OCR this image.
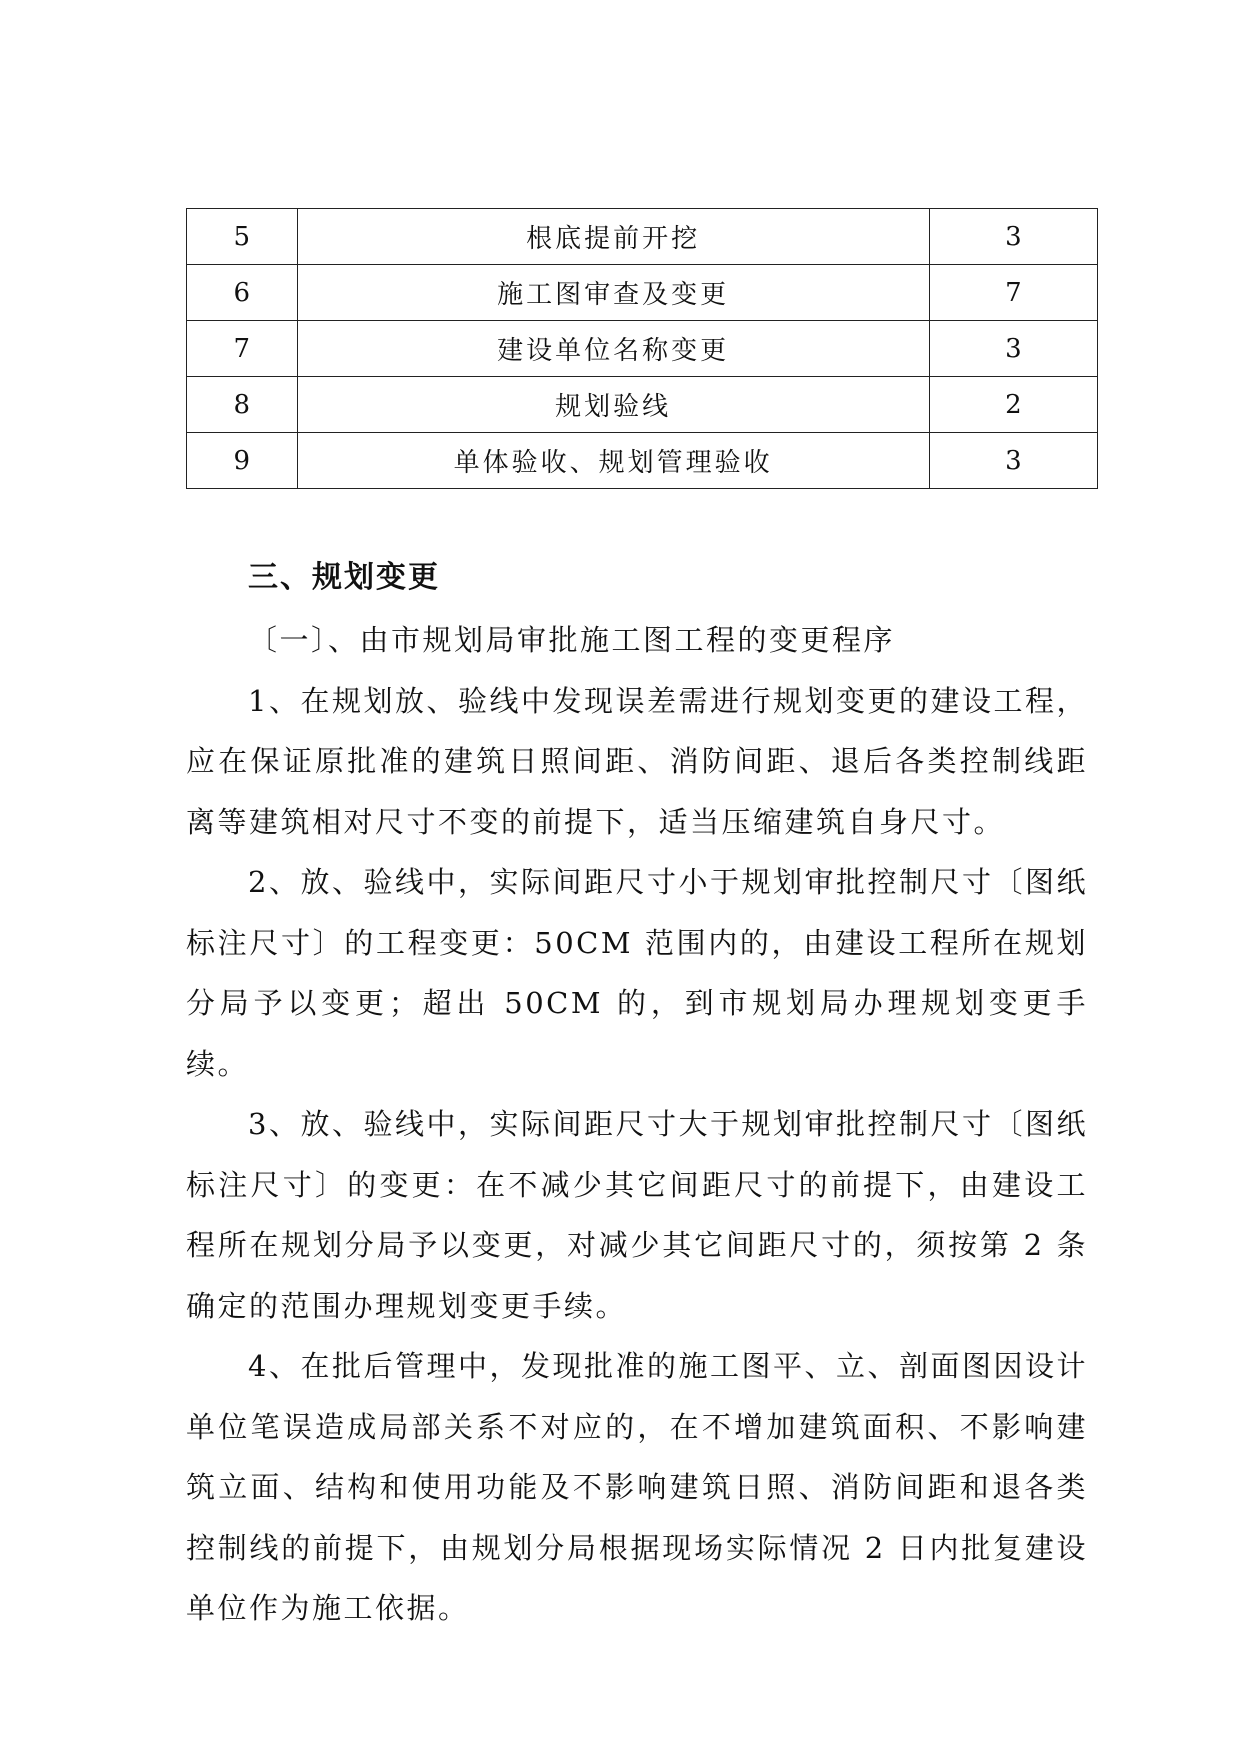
5	根底提前开挖	3
6	施工图审查及变更	7
7	建设单位名称变更	3
8	规划验线	2
9	单体验收、规划管理验收	3
三、规划变更

〔一〕、由市规划局审批施工图工程的变更程序

1、在规划放、验线中发现误差需进行规划变更的建设工程，应在保证原批准的建筑日照间距、消防间距、退后各类控制线距离等建筑相对尺寸不变的前提下，适当压缩建筑自身尺寸。

2、放、验线中，实际间距尺寸小于规划审批控制尺寸〔图纸标注尺寸〕的工程变更：50CM 范围内的，由建设工程所在规划分局予以变更；超出 50CM 的，到市规划局办理规划变更手续。

3、放、验线中，实际间距尺寸大于规划审批控制尺寸〔图纸标注尺寸〕的变更：在不减少其它间距尺寸的前提下，由建设工程所在规划分局予以变更，对减少其它间距尺寸的，须按第 2 条确定的范围办理规划变更手续。

4、在批后管理中，发现批准的施工图平、立、剖面图因设计单位笔误造成局部关系不对应的，在不增加建筑面积、不影响建筑立面、结构和使用功能及不影响建筑日照、消防间距和退各类控制线的前提下，由规划分局根据现场实际情况 2 日内批复建设单位作为施工依据。
